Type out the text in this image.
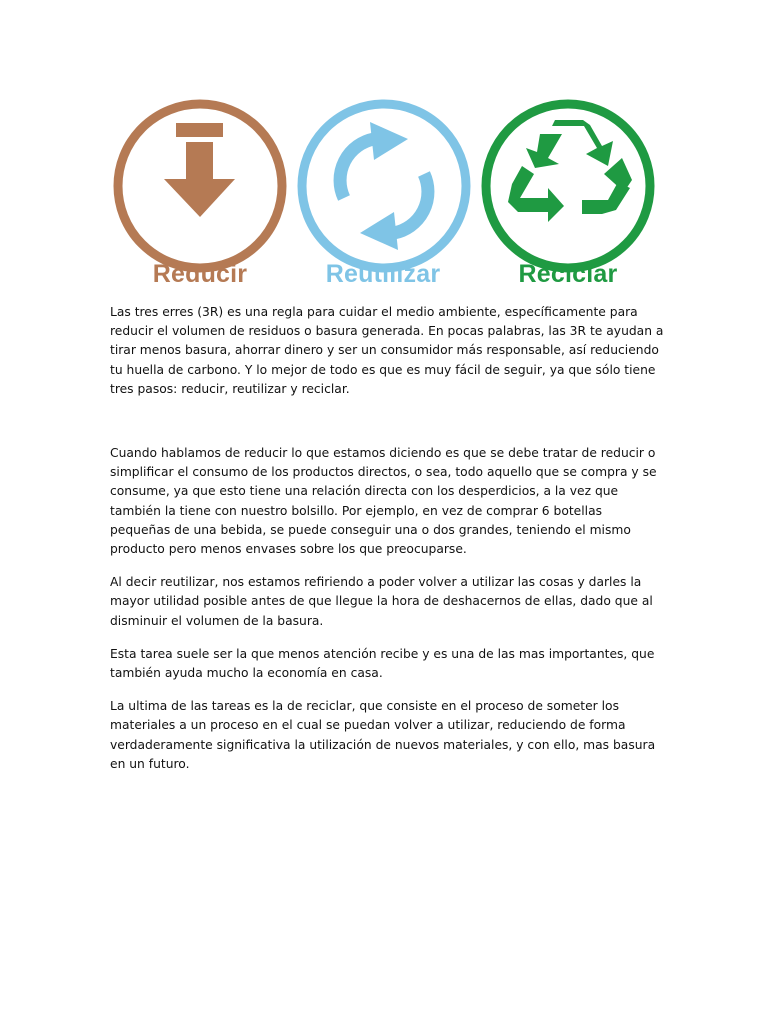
Reducir	Reutilizar	Reciclar

Las tres erres (3R) es una regla para cuidar el medio ambiente, específicamente para reducir el volumen de residuos o basura generada. En pocas palabras, las 3R te ayudan a tirar menos basura, ahorrar dinero y ser un consumidor más responsable, así reduciendo tu huella de carbono. Y lo mejor de todo es que es muy fácil de seguir, ya que sólo tiene tres pasos: reducir, reutilizar y reciclar.

Cuando hablamos de reducir lo que estamos diciendo es que se debe tratar de reducir o simplificar el consumo de los productos directos, o sea, todo aquello que se compra y se consume, ya que esto tiene una relación directa con los desperdicios, a la vez que también la tiene con nuestro bolsillo. Por ejemplo, en vez de comprar 6 botellas pequeñas de una bebida, se puede conseguir una o dos grandes, teniendo el mismo producto pero menos envases sobre los que preocuparse.

Al decir reutilizar, nos estamos refiriendo a poder volver a utilizar las cosas y darles la mayor utilidad posible antes de que llegue la hora de deshacernos de ellas, dado que al disminuir el volumen de la basura.

Esta tarea suele ser la que menos atención recibe y es una de las mas importantes, que también ayuda mucho la economía en casa.

La ultima de las tareas es la de reciclar, que consiste en el proceso de someter los materiales a un proceso en el cual se puedan volver a utilizar, reduciendo de forma verdaderamente significativa la utilización de nuevos materiales, y con ello, mas basura en un futuro.
